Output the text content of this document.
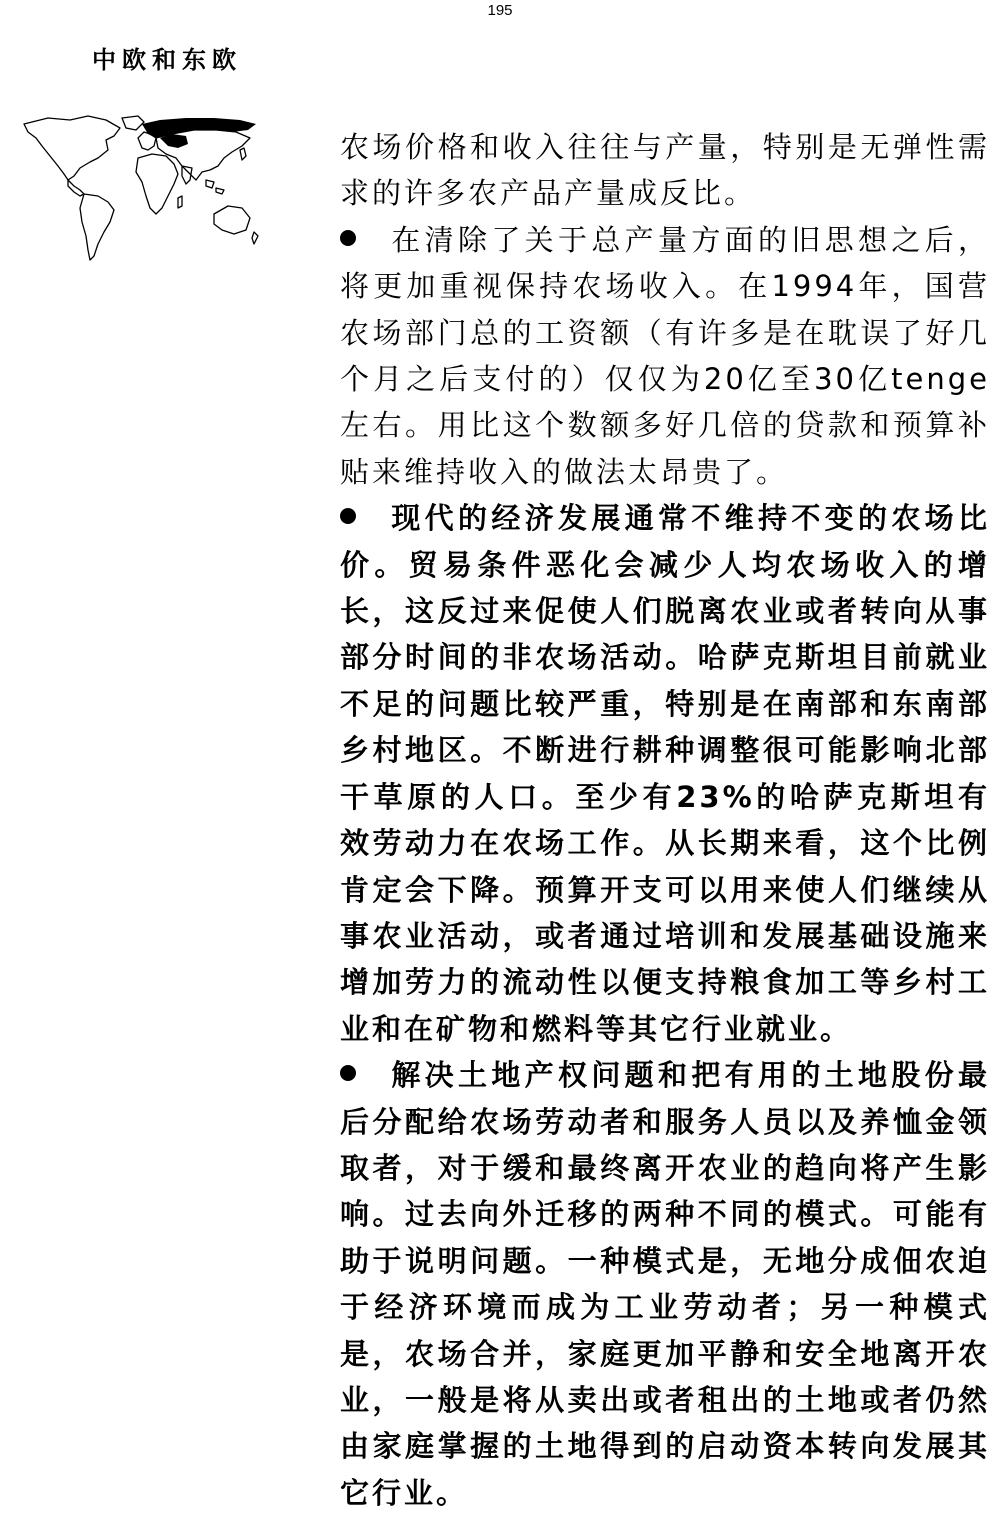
195
中欧和东欧

农场价格和收入往往与产量，特别是无弹性需求的许多农产品产量成反比。

在清除了关于总产量方面的旧思想之后，将更加重视保持农场收入。在1994年，国营农场部门总的工资额（有许多是在耽误了好几个月之后支付的）仅仅为20亿至30亿tenge左右。用比这个数额多好几倍的贷款和预算补贴来维持收入的做法太昂贵了。

现代的经济发展通常不维持不变的农场比价。贸易条件恶化会减少人均农场收入的增长，这反过来促使人们脱离农业或者转向从事部分时间的非农场活动。哈萨克斯坦目前就业不足的问题比较严重，特别是在南部和东南部乡村地区。不断进行耕种调整很可能影响北部干草原的人口。至少有23%的哈萨克斯坦有效劳动力在农场工作。从长期来看，这个比例肯定会下降。预算开支可以用来使人们继续从事农业活动，或者通过培训和发展基础设施来增加劳力的流动性以便支持粮食加工等乡村工业和在矿物和燃料等其它行业就业。

解决土地产权问题和把有用的土地股份最后分配给农场劳动者和服务人员以及养恤金领取者，对于缓和最终离开农业的趋向将产生影响。过去向外迁移的两种不同的模式。可能有助于说明问题。一种模式是，无地分成佃农迫于经济环境而成为工业劳动者；另一种模式是，农场合并，家庭更加平静和安全地离开农业，一般是将从卖出或者租出的土地或者仍然由家庭掌握的土地得到的启动资本转向发展其它行业。
